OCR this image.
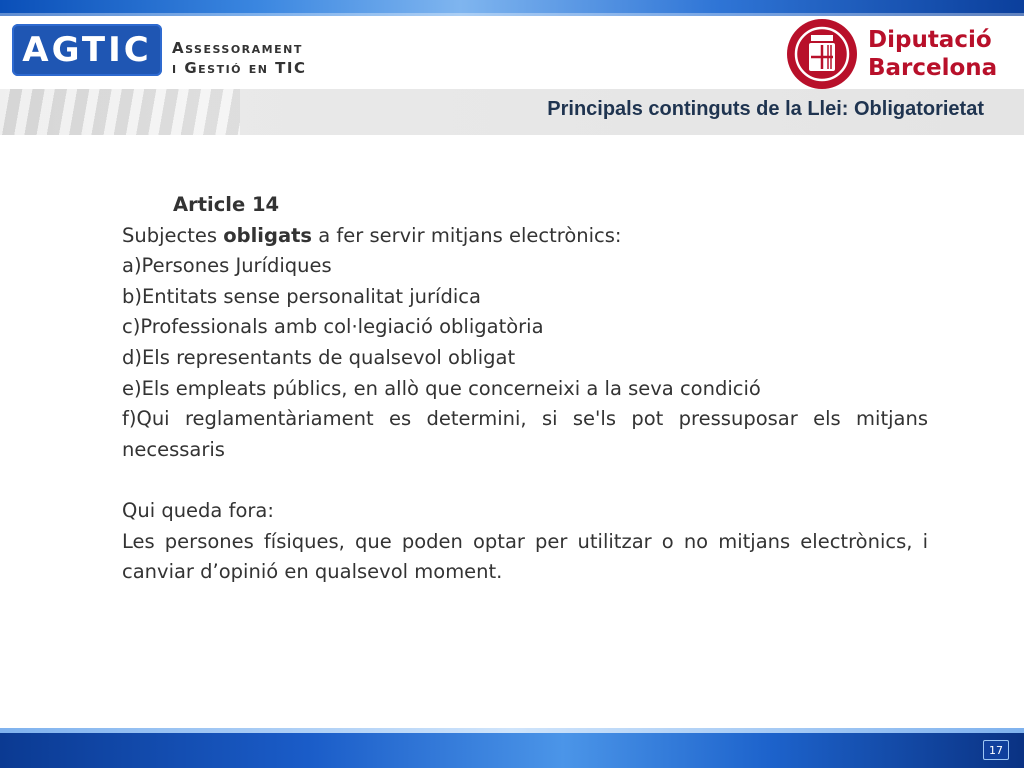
AGTIC Assessorament
i Gestió en TIC
Diputació
Barcelona
Principals continguts de la Llei: Obligatorietat
Article 14
Subjectes obligats a fer servir mitjans electrònics:
a)Persones Jurídiques
b)Entitats sense personalitat jurídica
c)Professionals amb col·legiació obligatòria
d)Els representants de qualsevol obligat
e)Els empleats públics, en allò que concerneixi a la seva condició
f)Qui reglamentàriament es determini, si se'ls pot pressuposar els mitjans necessaris
Qui queda fora:
Les persones físiques, que poden optar per utilitzar o no mitjans electrònics, i canviar d’opinió en qualsevol moment.
17
